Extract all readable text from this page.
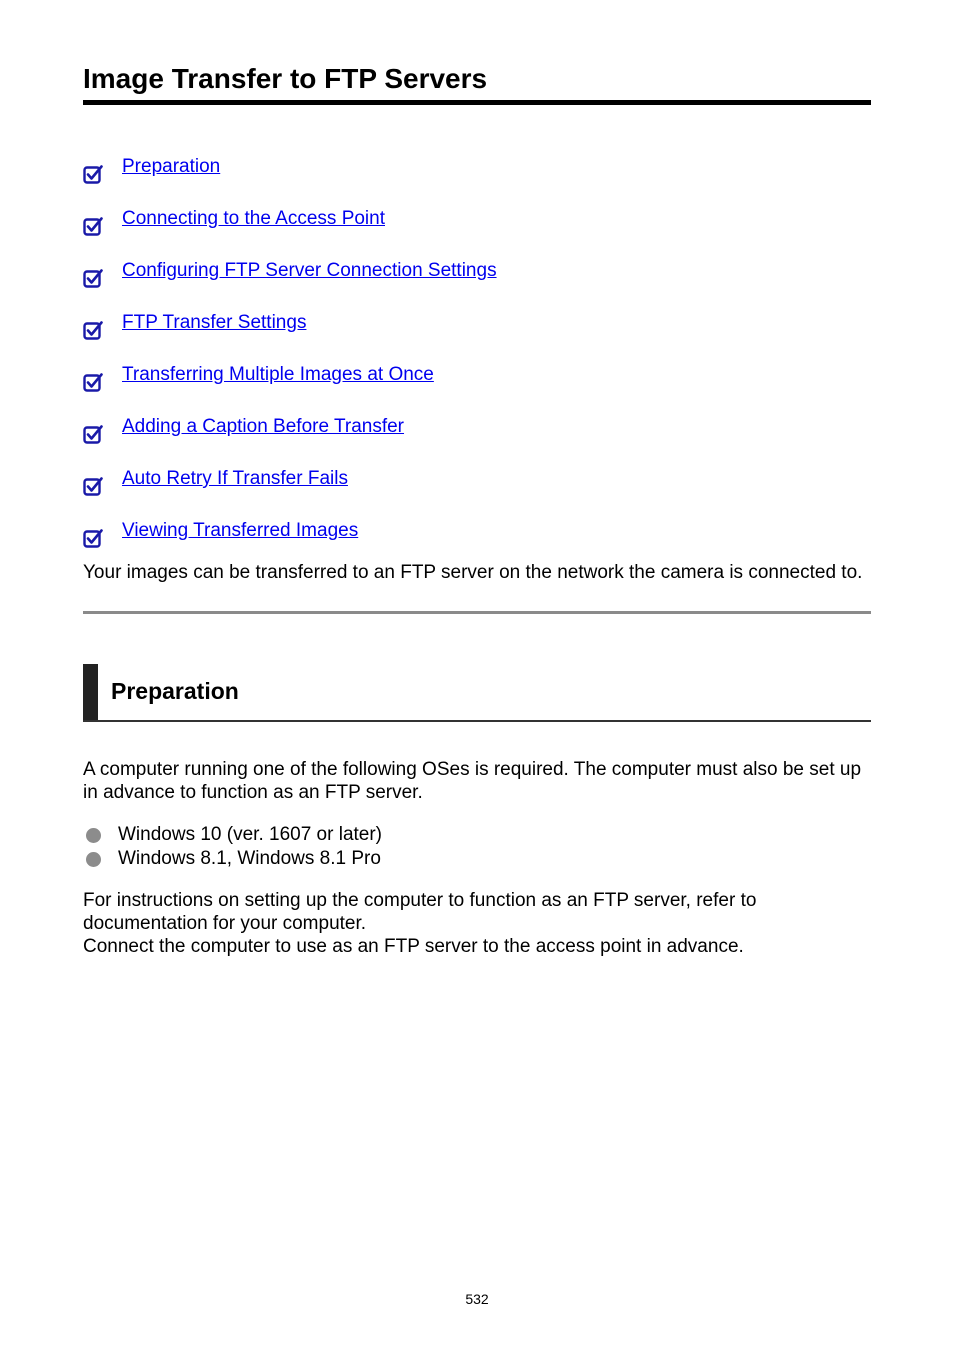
Image Transfer to FTP Servers
Preparation
Connecting to the Access Point
Configuring FTP Server Connection Settings
FTP Transfer Settings
Transferring Multiple Images at Once
Adding a Caption Before Transfer
Auto Retry If Transfer Fails
Viewing Transferred Images

Your images can be transferred to an FTP server on the network the camera is connected to.

Preparation

A computer running one of the following OSes is required. The computer must also be set up in advance to function as an FTP server.

Windows 10 (ver. 1607 or later)
Windows 8.1, Windows 8.1 Pro

For instructions on setting up the computer to function as an FTP server, refer to documentation for your computer.

Connect the computer to use as an FTP server to the access point in advance.

532
